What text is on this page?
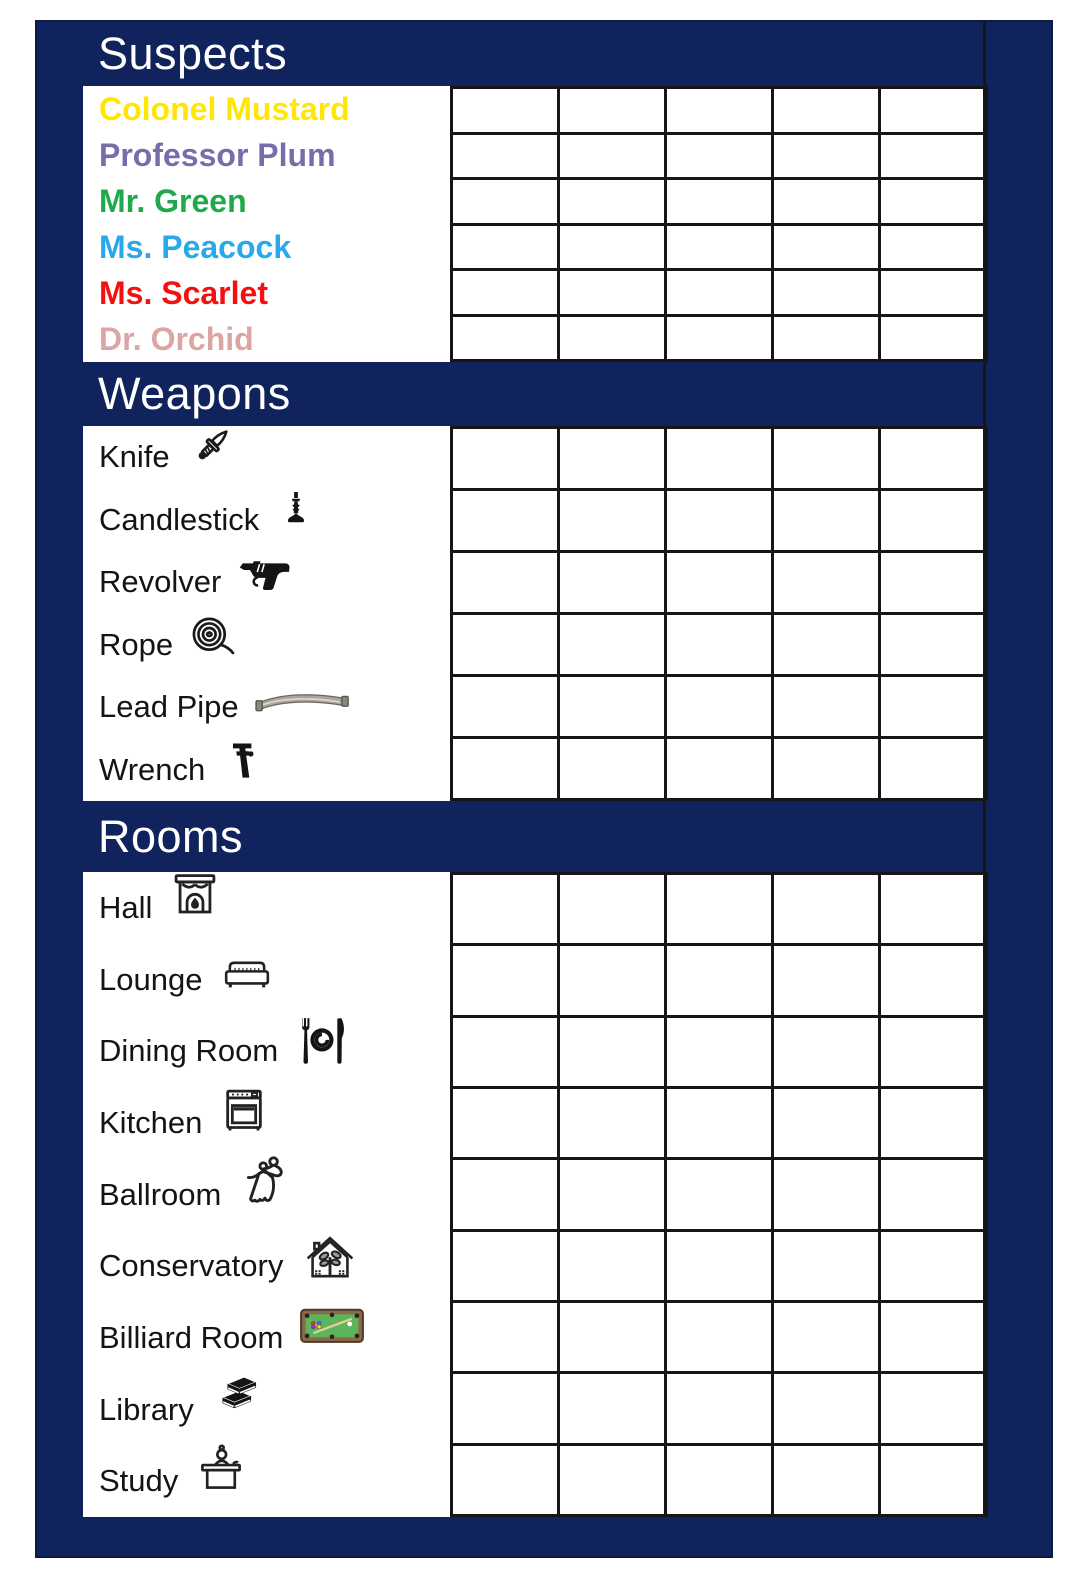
Suspects
Colonel Mustard
Professor Plum
Mr. Green
Ms. Peacock
Ms. Scarlet
Dr. Orchid
Weapons
Knife
Candlestick
Revolver
Rope
Lead Pipe
Wrench
Rooms
Hall
Lounge
Dining Room
Kitchen
Ballroom
Conservatory
Billiard Room
Library
Study
